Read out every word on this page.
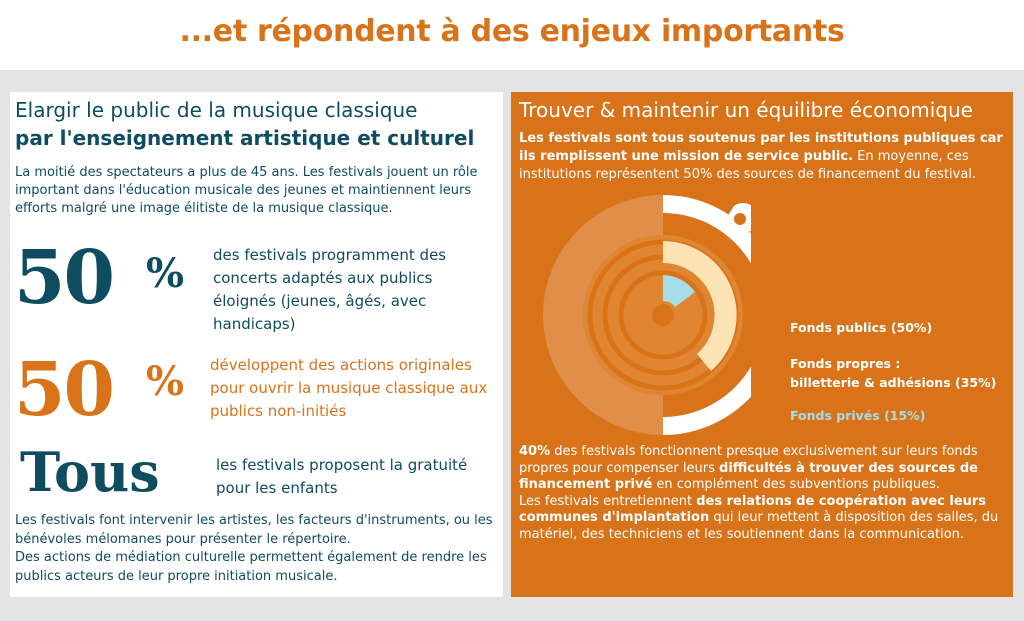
...et répondent à des enjeux importants
Elargir le public de la musique classique
par l'enseignement artistique et culturel
La moitié des spectateurs a plus de 45 ans. Les festivals jouent un rôle important dans l'éducation musicale des jeunes et maintiennent leurs efforts malgré une image élitiste de la musique classique.
50 % des festivals programment des concerts adaptés aux publics éloignés (jeunes, âgés, avec handicaps)
50 % développent des actions originales pour ouvrir la musique classique aux publics non-initiés
Tous	les festivals proposent la gratuité pour les enfants
Les festivals font intervenir les artistes, les facteurs d'instruments, ou les bénévoles mélomanes pour présenter le répertoire.
Des actions de médiation culturelle permettent également de rendre les publics acteurs de leur propre initiation musicale.
Trouver & maintenir un équilibre économique
Les festivals sont tous soutenus par les institutions publiques car ils remplissent une mission de service public. En moyenne, ces institutions représentent 50% des sources de financement du festival.
Fonds publics (50%)
Fonds propres :
billetterie & adhésions (35%)
Fonds privés (15%)
40% des festivals fonctionnent presque exclusivement sur leurs fonds propres pour compenser leurs difficultés à trouver des sources de financement privé en complément des subventions publiques.
Les festivals entretiennent des relations de coopération avec leurs communes d'implantation qui leur mettent à disposition des salles, du matériel, des techniciens et les soutiennent dans la communication.
